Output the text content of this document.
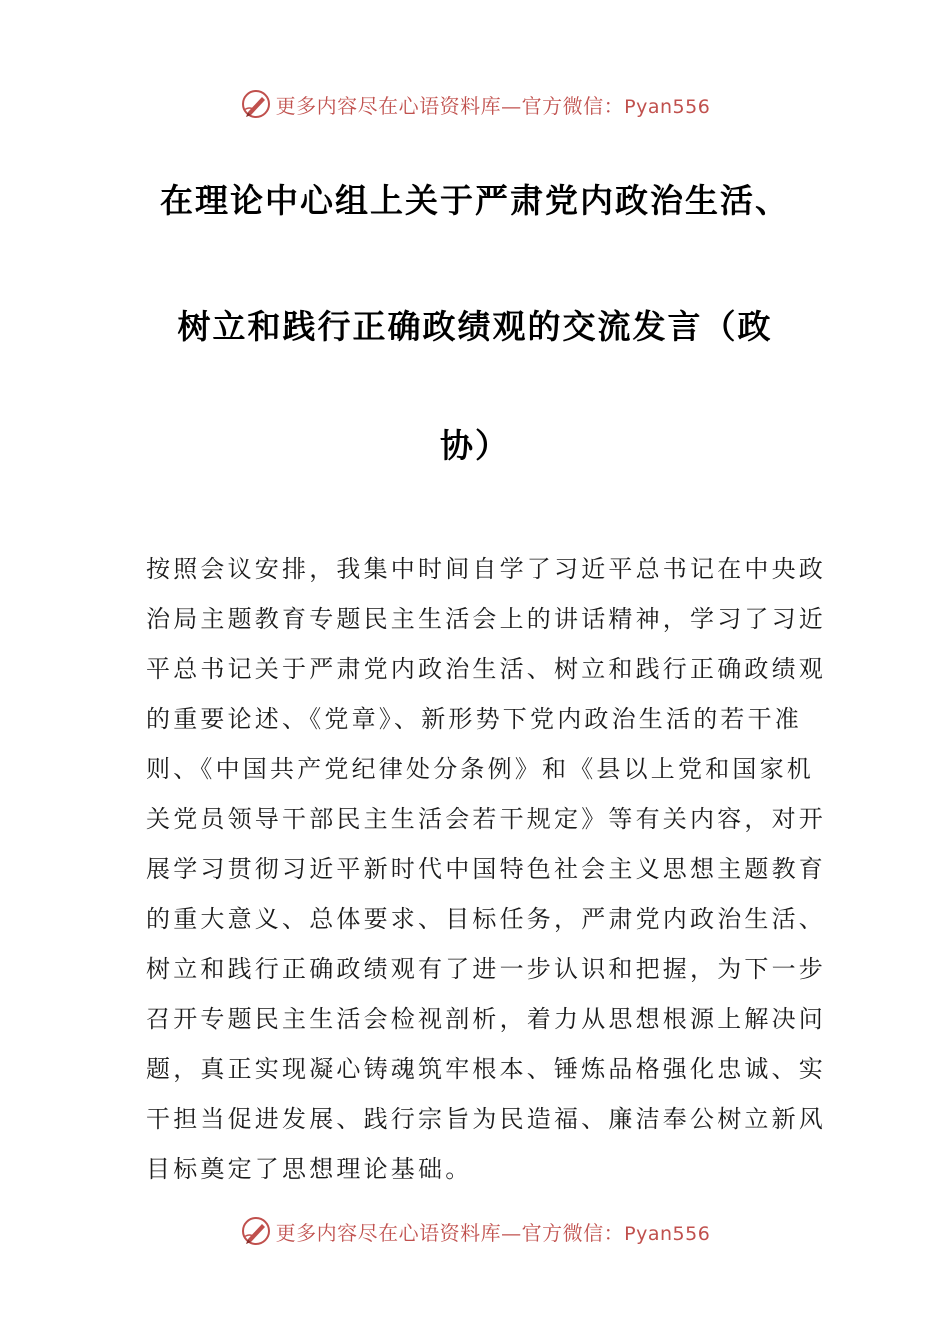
更多内容尽在心语资料库—官方微信：Pyan556
在理论中心组上关于严肃党内政治生活、
树立和践行正确政绩观的交流发言（政
协）
按照会议安排，我集中时间自学了习近平总书记在中央政
治局主题教育专题民主生活会上的讲话精神，学习了习近
平总书记关于严肃党内政治生活、树立和践行正确政绩观
的重要论述、《党章》、新形势下党内政治生活的若干准
则、《中国共产党纪律处分条例》和《县以上党和国家机
关党员领导干部民主生活会若干规定》等有关内容，对开
展学习贯彻习近平新时代中国特色社会主义思想主题教育
的重大意义、总体要求、目标任务，严肃党内政治生活、
树立和践行正确政绩观有了进一步认识和把握，为下一步
召开专题民主生活会检视剖析，着力从思想根源上解决问
题，真正实现凝心铸魂筑牢根本、锤炼品格强化忠诚、实
干担当促进发展、践行宗旨为民造福、廉洁奉公树立新风
目标奠定了思想理论基础。
更多内容尽在心语资料库—官方微信：Pyan556
